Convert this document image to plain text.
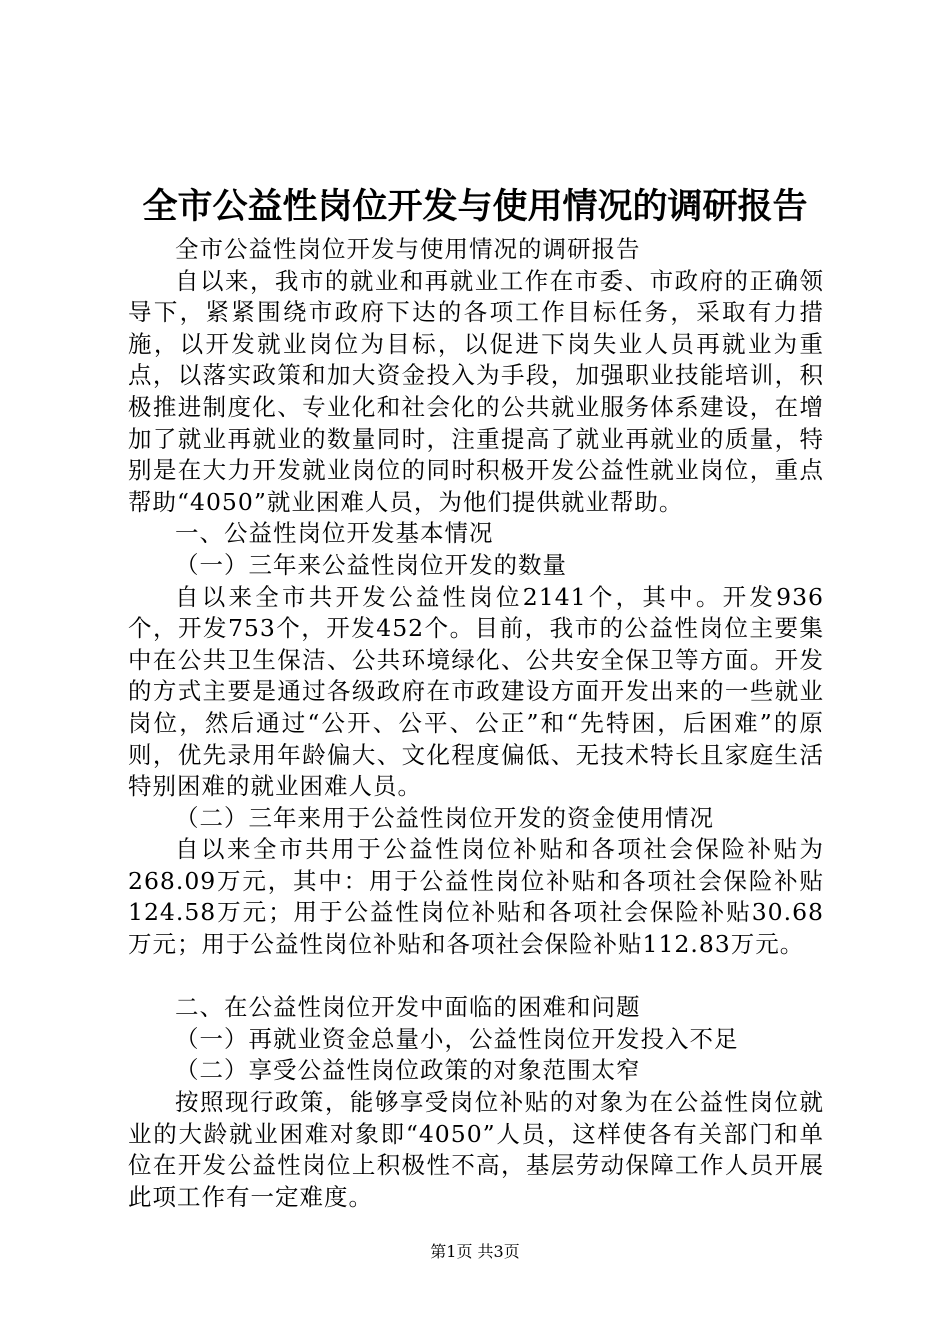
全市公益性岗位开发与使用情况的调研报告

全市公益性岗位开发与使用情况的调研报告

自以来，我市的就业和再就业工作在市委、市政府的正确领导下，紧紧围绕市政府下达的各项工作目标任务，采取有力措施，以开发就业岗位为目标，以促进下岗失业人员再就业为重点，以落实政策和加大资金投入为手段，加强职业技能培训，积极推进制度化、专业化和社会化的公共就业服务体系建设，在增加了就业再就业的数量同时，注重提高了就业再就业的质量，特别是在大力开发就业岗位的同时积极开发公益性就业岗位，重点帮助“4050”就业困难人员，为他们提供就业帮助。

一、公益性岗位开发基本情况

（一）三年来公益性岗位开发的数量

自以来全市共开发公益性岗位2141个，其中。开发936个，开发753个，开发452个。目前，我市的公益性岗位主要集中在公共卫生保洁、公共环境绿化、公共安全保卫等方面。开发的方式主要是通过各级政府在市政建设方面开发出来的一些就业岗位，然后通过“公开、公平、公正”和“先特困，后困难”的原则，优先录用年龄偏大、文化程度偏低、无技术特长且家庭生活特别困难的就业困难人员。

（二）三年来用于公益性岗位开发的资金使用情况

自以来全市共用于公益性岗位补贴和各项社会保险补贴为268.09万元，其中：用于公益性岗位补贴和各项社会保险补贴124.58万元；用于公益性岗位补贴和各项社会保险补贴30.68万元；用于公益性岗位补贴和各项社会保险补贴112.83万元。

二、在公益性岗位开发中面临的困难和问题

（一）再就业资金总量小，公益性岗位开发投入不足

（二）享受公益性岗位政策的对象范围太窄

按照现行政策，能够享受岗位补贴的对象为在公益性岗位就业的大龄就业困难对象即“4050”人员，这样使各有关部门和单位在开发公益性岗位上积极性不高，基层劳动保障工作人员开展此项工作有一定难度。

第1页 共3页
